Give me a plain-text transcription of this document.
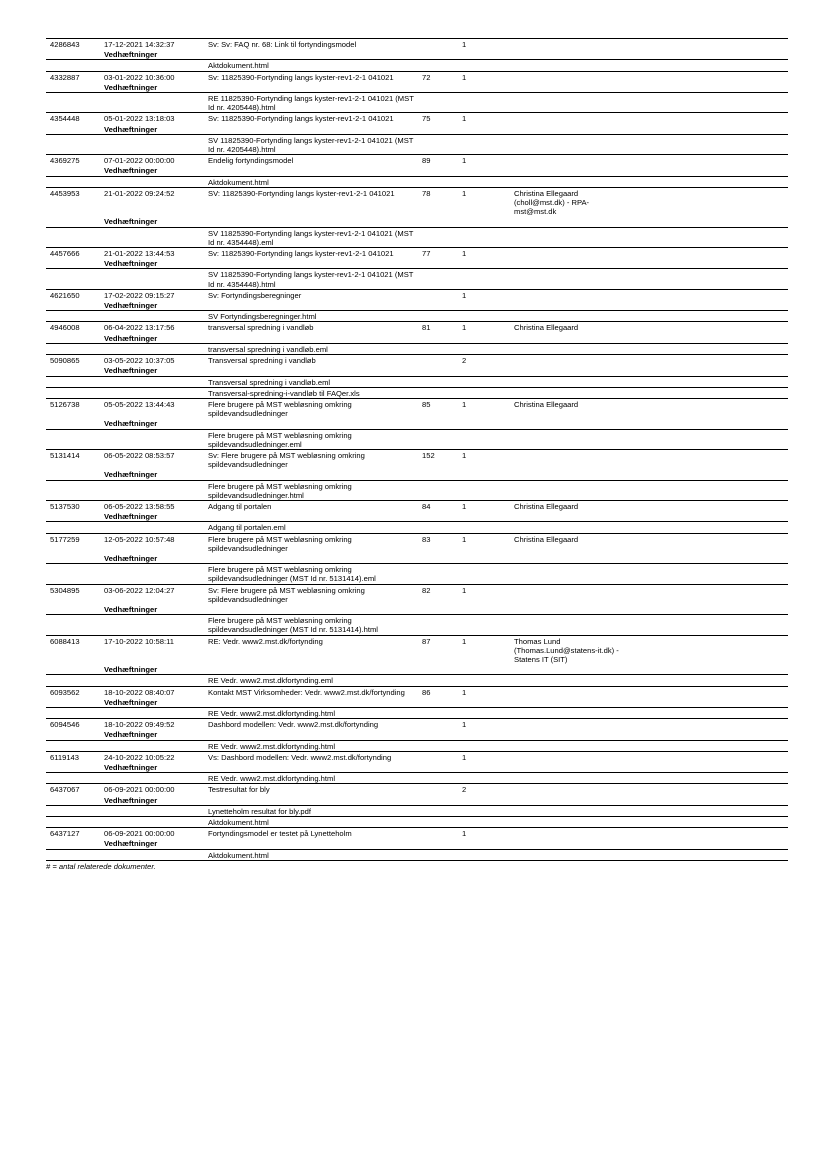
4286843	17-12-2021 14:32:37	Sv: Sv: FAQ nr. 68: Link til fortyndingsmodel		1		
	Vedhæftninger					
		Aktdokument.html				
4332887	03-01-2022 10:36:00	Sv: 11825390-Fortynding langs kyster-rev1-2-1 041021	72	1		
	Vedhæftninger					
		RE 11825390-Fortynding langs kyster-rev1-2-1 041021 (MST Id nr. 4205448).html				
4354448	05-01-2022 13:18:03	Sv: 11825390-Fortynding langs kyster-rev1-2-1 041021	75	1		
	Vedhæftninger					
		SV 11825390-Fortynding langs kyster-rev1-2-1 041021 (MST Id nr. 4205448).html				
4369275	07-01-2022 00:00:00	Endelig fortyndingsmodel	89	1		
	Vedhæftninger					
		Aktdokument.html				
4453953	21-01-2022 09:24:52	SV: 11825390-Fortynding langs kyster-rev1-2-1 041021	78	1	Christina Ellegaard (choll@mst.dk) - RPA-mst@mst.dk	
	Vedhæftninger					
		SV 11825390-Fortynding langs kyster-rev1-2-1 041021 (MST Id nr. 4354448).eml				
4457666	21-01-2022 13:44:53	Sv: 11825390-Fortynding langs kyster-rev1-2-1 041021	77	1		
	Vedhæftninger					
		SV 11825390-Fortynding langs kyster-rev1-2-1 041021 (MST Id nr. 4354448).html				
4621650	17-02-2022 09:15:27	Sv: Fortyndingsberegninger		1		
	Vedhæftninger					
		SV Fortyndingsberegninger.html				
4946008	06-04-2022 13:17:56	transversal spredning i vandløb	81	1	Christina Ellegaard	
	Vedhæftninger					
		transversal spredning i vandløb.eml				
5090865	03-05-2022 10:37:05	Transversal spredning i vandløb		2		
	Vedhæftninger					
		Transversal spredning i vandløb.eml				
		Transversal-spredning-i-vandløb til FAQer.xls				
5126738	05-05-2022 13:44:43	Flere brugere på MST webløsning omkring spildevandsudledninger	85	1	Christina Ellegaard	
	Vedhæftninger					
		Flere brugere på MST webløsning omkring spildevandsudledninger.eml				
5131414	06-05-2022 08:53:57	Sv: Flere brugere på MST webløsning omkring spildevandsudledninger	152	1		
	Vedhæftninger					
		Flere brugere på MST webløsning omkring spildevandsudledninger.html				
5137530	06-05-2022 13:58:55	Adgang til portalen	84	1	Christina Ellegaard	
	Vedhæftninger					
		Adgang til portalen.eml				
5177259	12-05-2022 10:57:48	Flere brugere på MST webløsning omkring spildevandsudledninger	83	1	Christina Ellegaard	
	Vedhæftninger					
		Flere brugere på MST webløsning omkring spildevandsudledninger (MST Id nr. 5131414).eml				
5304895	03-06-2022 12:04:27	Sv: Flere brugere på MST webløsning omkring spildevandsudledninger	82	1		
	Vedhæftninger					
		Flere brugere på MST webløsning omkring spildevandsudledninger (MST Id nr. 5131414).html				
6088413	17-10-2022 10:58:11	RE: Vedr. www2.mst.dk/fortynding	87	1	Thomas Lund (Thomas.Lund@statens-it.dk) - Statens IT (SIT)	
	Vedhæftninger					
		RE Vedr. www2.mst.dkfortynding.eml				
6093562	18-10-2022 08:40:07	Kontakt MST Virksomheder: Vedr. www2.mst.dk/fortynding	86	1		
	Vedhæftninger					
		RE Vedr. www2.mst.dkfortynding.html				
6094546	18-10-2022 09:49:52	Dashbord modellen: Vedr. www2.mst.dk/fortynding		1		
	Vedhæftninger					
		RE Vedr. www2.mst.dkfortynding.html				
6119143	24-10-2022 10:05:22	Vs: Dashbord modellen: Vedr. www2.mst.dk/fortynding		1		
	Vedhæftninger					
		RE Vedr. www2.mst.dkfortynding.html				
6437067	06-09-2021 00:00:00	Testresultat for bly		2		
	Vedhæftninger					
		Lynetteholm resultat for bly.pdf				
		Aktdokument.html				
6437127	06-09-2021 00:00:00	Fortyndingsmodel er testet på Lynetteholm		1		
	Vedhæftninger					
		Aktdokument.html				
# = antal relaterede dokumenter.
